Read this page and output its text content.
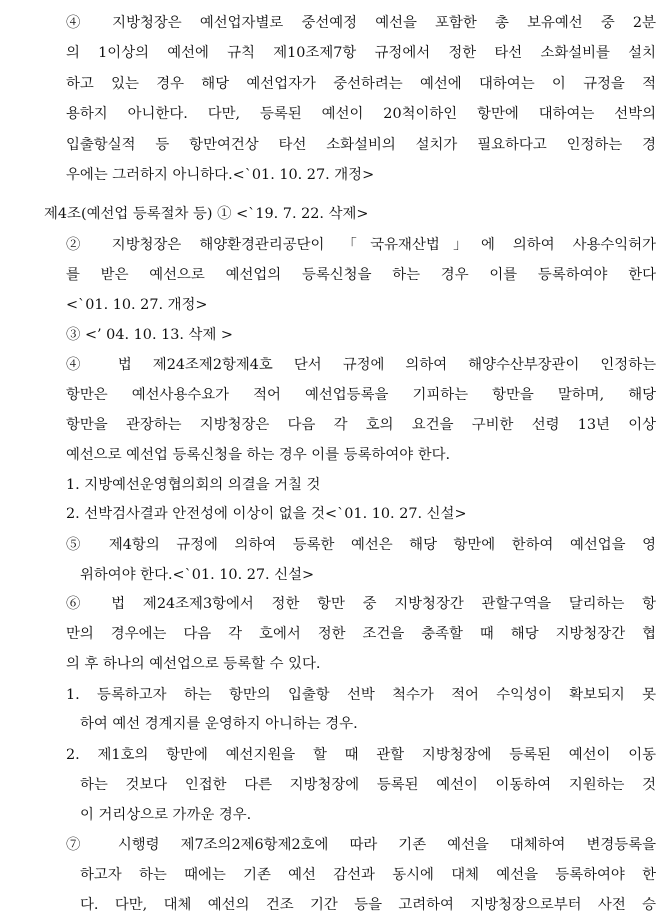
④ 지방청장은 예선업자별로 중선예정 예선을 포함한 총 보유예선 중 2분
의 1이상의 예선에 규칙 제10조제7항 규정에서 정한 타선 소화설비를 설치
하고 있는 경우 해당 예선업자가 중선하려는 예선에 대하여는 이 규정을 적
용하지 아니한다. 다만, 등록된 예선이 20척이하인 항만에 대하여는 선박의
입출항실적 등 항만여건상 타선 소화설비의 설치가 필요하다고 인정하는 경
우에는 그러하지 아니하다.<`01. 10. 27. 개정>
제4조(예선업 등록절차 등) ① <`19. 7. 22. 삭제>
② 지방청장은 해양환경관리공단이 「국유재산법」에 의하여 사용수익허가
를 받은 예선으로 예선업의 등록신청을 하는 경우 이를 등록하여야 한다
<`01. 10. 27. 개정>
③ <’ 04. 10. 13. 삭제 >
④ 법 제24조제2항제4호 단서 규정에 의하여 해양수산부장관이 인정하는
항만은 예선사용수요가 적어 예선업등록을 기피하는 항만을 말하며, 해당
항만을 관장하는 지방청장은 다음 각 호의 요건을 구비한 선령 13년 이상
예선으로 예선업 등록신청을 하는 경우 이를 등록하여야 한다.
1. 지방예선운영협의회의 의결을 거칠 것
2. 선박검사결과 안전성에 이상이 없을 것<`01. 10. 27. 신설>
⑤ 제4항의 규정에 의하여 등록한 예선은 해당 항만에 한하여 예선업을 영
위하여야 한다.<`01. 10. 27. 신설>
⑥ 법 제24조제3항에서 정한 항만 중 지방청장간 관할구역을 달리하는 항
만의 경우에는 다음 각 호에서 정한 조건을 충족할 때 해당 지방청장간 협
의 후 하나의 예선업으로 등록할 수 있다.
1. 등록하고자 하는 항만의 입출항 선박 척수가 적어 수익성이 확보되지 못
하여 예선 경계지를 운영하지 아니하는 경우.
2. 제1호의 항만에 예선지원을 할 때 관할 지방청장에 등록된 예선이 이동
하는 것보다 인접한 다른 지방청장에 등록된 예선이 이동하여 지원하는 것
이 거리상으로 가까운 경우.
⑦ 시행령 제7조의2제6항제2호에 따라 기존 예선을 대체하여 변경등록을
하고자 하는 때에는 기존 예선 감선과 동시에 대체 예선을 등록하여야 한
다. 다만, 대체 예선의 건조 기간 등을 고려하여 지방청장으로부터 사전 승
